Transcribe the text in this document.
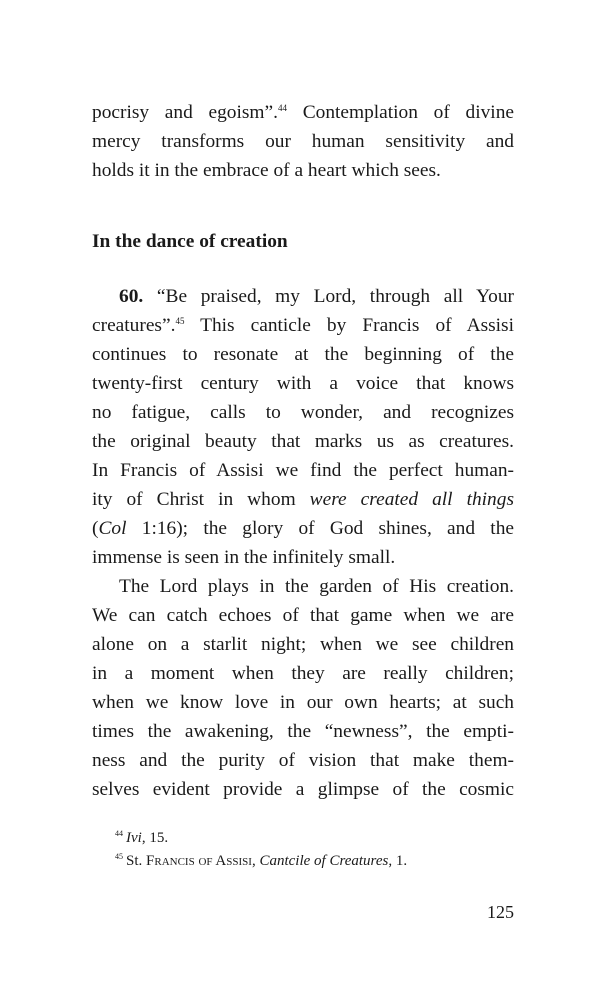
pocrisy and egoism”.$^{44}$ Contemplation of divine
mercy transforms our human sensitivity and
holds it in the embrace of a heart which sees.
In the dance of creation
60. “Be praised, my Lord, through all Your
creatures”.$^{45}$ This canticle by Francis of Assisi
continues to resonate at the beginning of the
twenty-first century with a voice that knows
no fatigue, calls to wonder, and recognizes
the original beauty that marks us as creatures.
In Francis of Assisi we find the perfect human-
ity of Christ in whom were created all things
(Col 1:16); the glory of God shines, and the
immense is seen in the infinitely small.
The Lord plays in the garden of His creation.
We can catch echoes of that game when we are
alone on a starlit night; when we see children
in a moment when they are really children;
when we know love in our own hearts; at such
times the awakening, the “newness”, the empti-
ness and the purity of vision that make them-
selves evident provide a glimpse of the cosmic
$^{44}$ Ivi, 15.
$^{45}$ St. Francis of Assisi, Cantcile of Creatures, 1.
125
